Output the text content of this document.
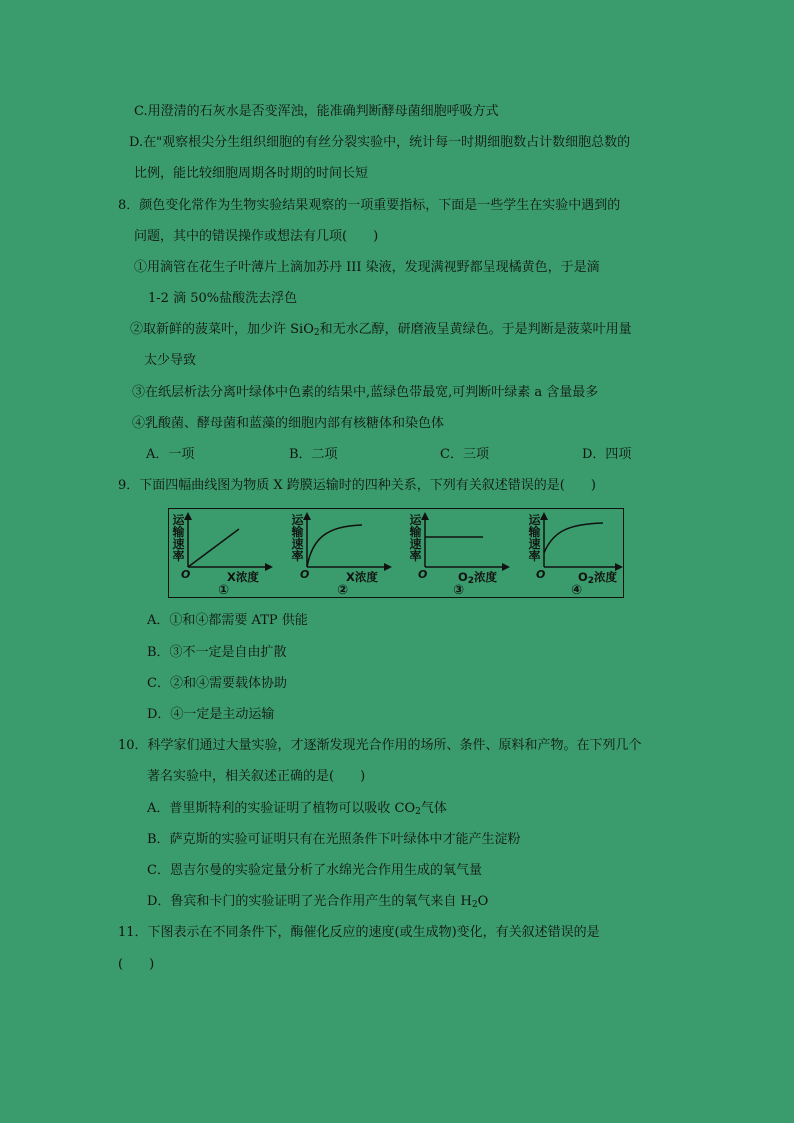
C.用澄清的石灰水是否变浑浊，能准确判断酵母菌细胞呼吸方式
D.在"观察根尖分生组织细胞的有丝分裂实验中，统计每一时期细胞数占计数细胞总数的
比例，能比较细胞周期各时期的时间长短
8．颜色变化常作为生物实验结果观察的一项重要指标，下面是一些学生在实验中遇到的
问题，其中的错误操作或想法有几项(　　)
①用滴管在花生子叶薄片上滴加苏丹 III 染液，发现满视野都呈现橘黄色，于是滴
1-2 滴 50%盐酸洗去浮色
②取新鲜的菠菜叶，加少许 SiO$_2$和无水乙醇，研磨液呈黄绿色。于是判断是菠菜叶用量
太少导致
③在纸层析法分离叶绿体中色素的结果中,蓝绿色带最宽,可判断叶绿素 a 含量最多
④乳酸菌、酵母菌和蓝藻的细胞内部有核糖体和染色体
A．一项	B．二项	C．三项	D．四项
9．下面四幅曲线图为物质 X 跨膜运输时的四种关系，下列有关叙述错误的是(　　)
运输速率
O	X浓度
①
运输速率
O	X浓度
②
运输速率
O	$O_2$浓度
③
运输速率
O	$O_2$浓度
④
A．①和④都需要 ATP 供能
B．③不一定是自由扩散
C．②和④需要载体协助
D．④一定是主动运输
10．科学家们通过大量实验，才逐渐发现光合作用的场所、条件、原料和产物。在下列几个
著名实验中，相关叙述正确的是(　　)
A．普里斯特利的实验证明了植物可以吸收 $CO_2$气体
B．萨克斯的实验可证明只有在光照条件下叶绿体中才能产生淀粉
C．恩吉尔曼的实验定量分析了水绵光合作用生成的氧气量
D．鲁宾和卡门的实验证明了光合作用产生的氧气来自 $H_2O$
11．下图表示在不同条件下，酶催化反应的速度(或生成物)变化，有关叙述错误的是
(　　)
